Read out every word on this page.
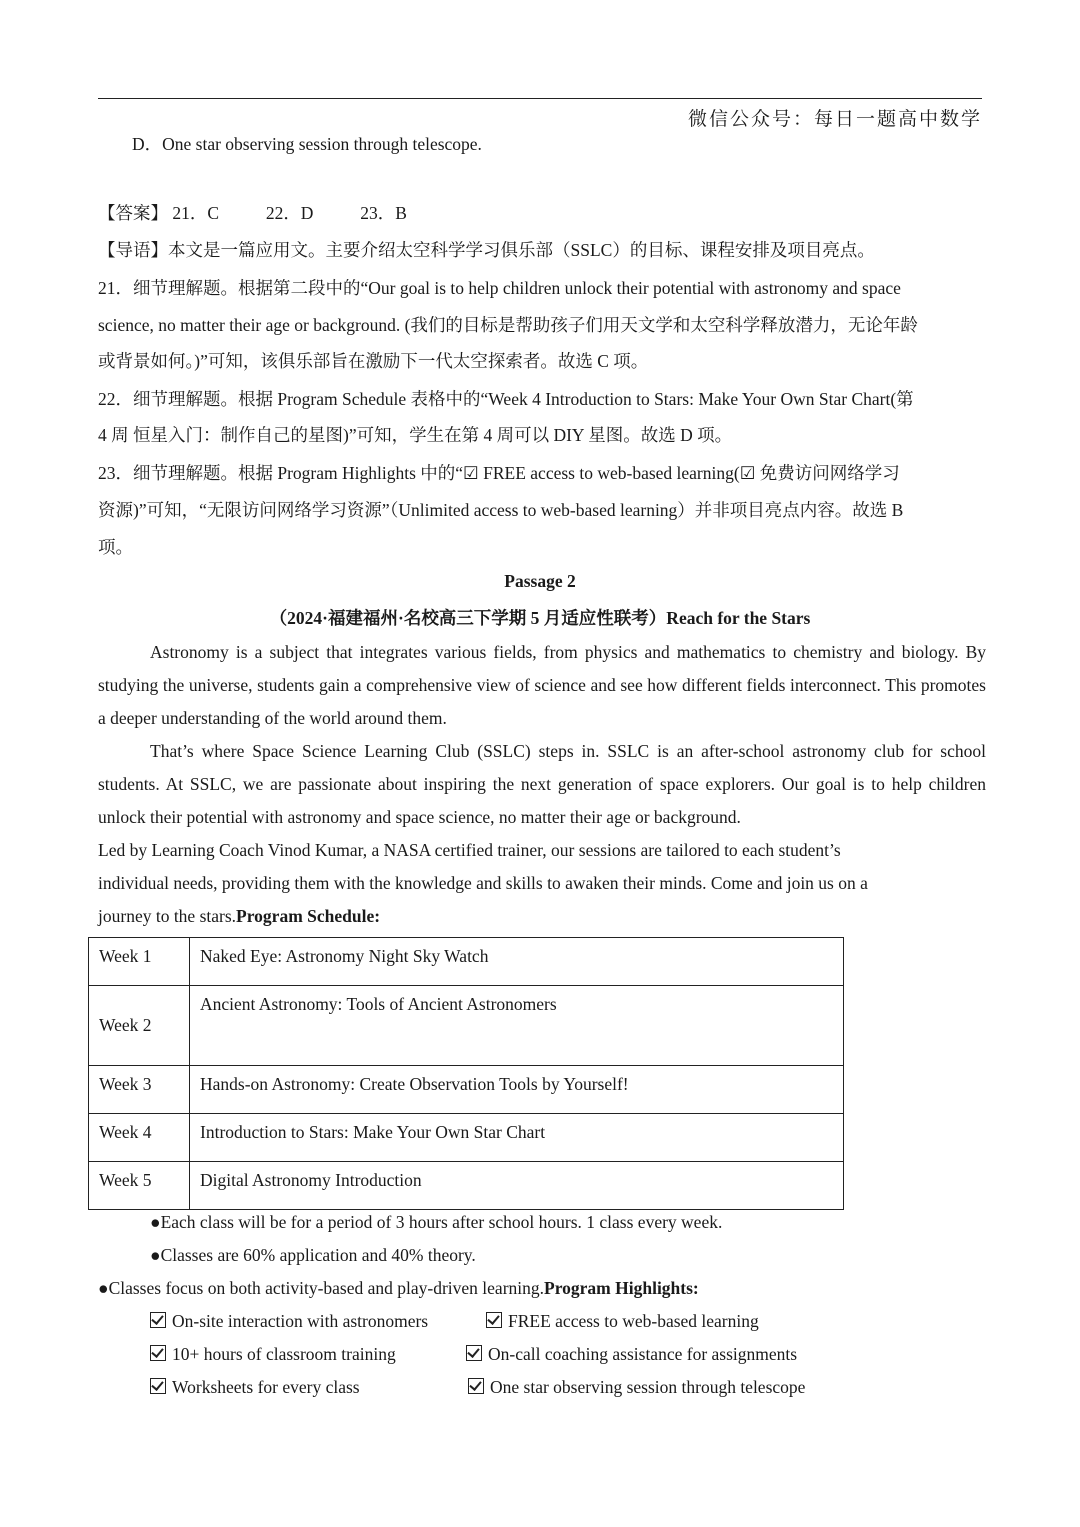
微信公众号：每日一题高中数学
D．One star observing session through telescope.
【答案】 21．C	22．D	23．B
【导语】本文是一篇应用文。主要介绍太空科学学习俱乐部（SSLC）的目标、课程安排及项目亮点。
21．细节理解题。根据第二段中的“Our goal is to help children unlock their potential with astronomy and space
science, no matter their age or background. (我们的目标是帮助孩子们用天文学和太空科学释放潜力，无论年龄
或背景如何。)”可知，该俱乐部旨在激励下一代太空探索者。故选 C 项。
22．细节理解题。根据 Program Schedule 表格中的“Week 4 Introduction to Stars: Make Your Own Star Chart(第
4 周 恒星入门：制作自己的星图)”可知，学生在第 4 周可以 DIY 星图。故选 D 项。
23．细节理解题。根据 Program Highlights 中的“☑ FREE access to web-based learning(☑ 免费访问网络学习
资源)”可知，“无限访问网络学习资源”（Unlimited access to web-based learning）并非项目亮点内容。故选 B
项。
Passage 2
（2024·福建福州·名校高三下学期 5 月适应性联考）Reach for the Stars
Astronomy is a subject that integrates various fields, from physics and mathematics to chemistry and biology. By studying the universe, students gain a comprehensive view of science and see how different fields interconnect. This promotes a deeper understanding of the world around them.
That’s where Space Science Learning Club (SSLC) steps in. SSLC is an after-school astronomy club for school students. At SSLC, we are passionate about inspiring the next generation of space explorers. Our goal is to help children unlock their potential with astronomy and space science, no matter their age or background.
Led by Learning Coach Vinod Kumar, a NASA certified trainer, our sessions are tailored to each student’s
individual needs, providing them with the knowledge and skills to awaken their minds. Come and join us on a
journey to the stars.Program Schedule:
Week 1	Naked Eye: Astronomy Night Sky Watch
Week 2	Ancient Astronomy: Tools of Ancient Astronomers
Week 3	Hands-on Astronomy: Create Observation Tools by Yourself!
Week 4	Introduction to Stars: Make Your Own Star Chart
Week 5	Digital Astronomy Introduction
●Each class will be for a period of 3 hours after school hours. 1 class every week.
●Classes are 60% application and 40% theory.
●Classes focus on both activity-based and play-driven learning.Program Highlights:
On-site interaction with astronomers	FREE access to web-based learning
10+ hours of classroom training	On-call coaching assistance for assignments
Worksheets for every class	One star observing session through telescope
